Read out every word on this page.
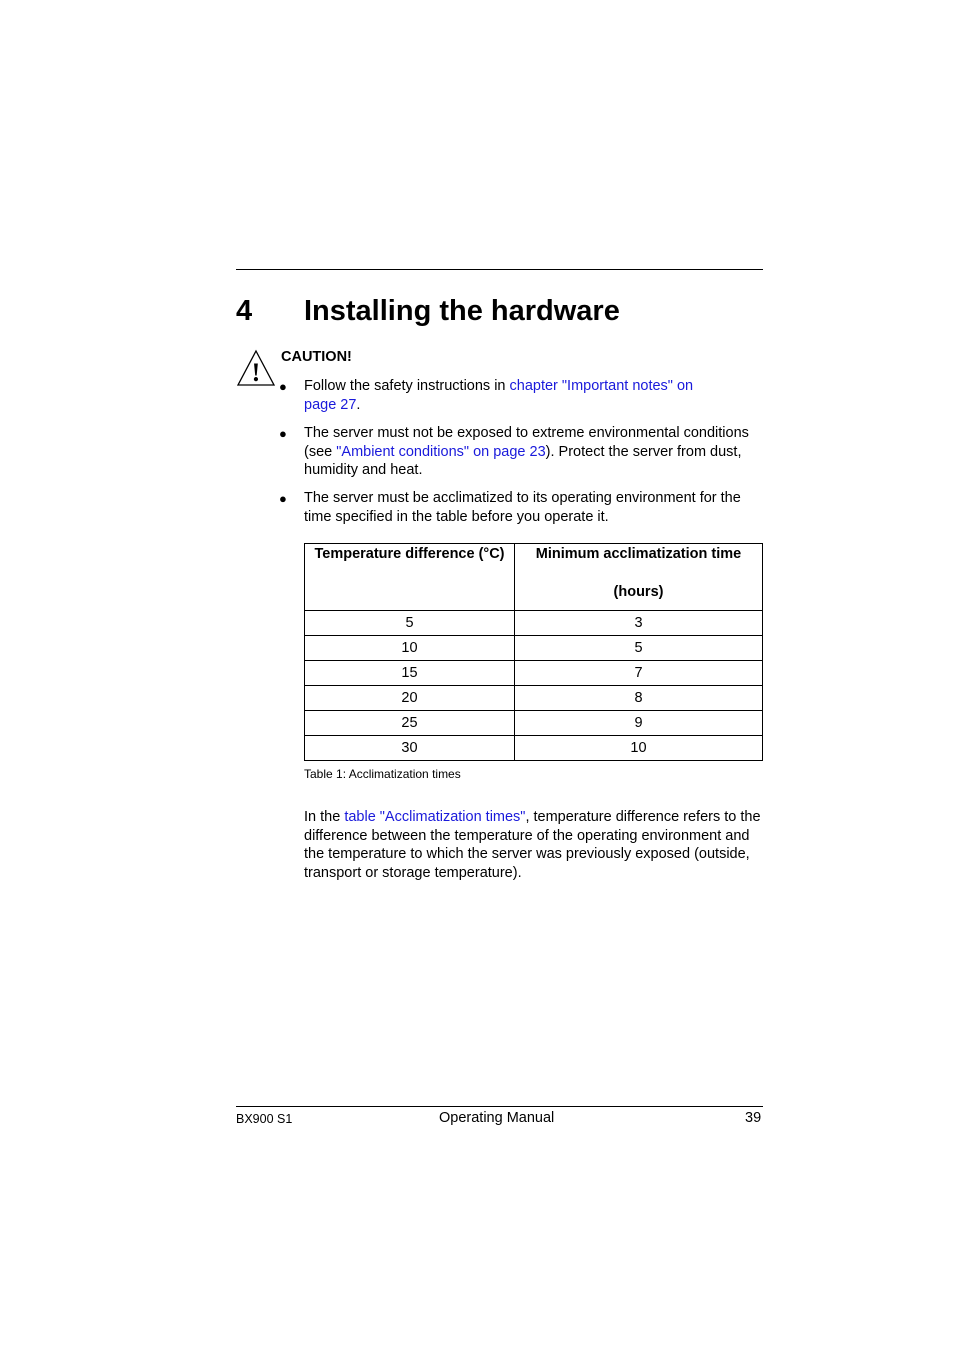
4 Installing the hardware
!
CAUTION!
● Follow the safety instructions in chapter "Important notes" on page 27.
● The server must not be exposed to extreme environmental conditions (see "Ambient conditions" on page 23). Protect the server from dust, humidity and heat.
● The server must be acclimatized to its operating environment for the time specified in the table before you operate it.
Temperature difference (°C)	Minimum acclimatization time
(hours)

5	3
10	5
15	7
20	8
25	9
30	10
Table 1: Acclimatization times
In the table "Acclimatization times", temperature difference refers to the difference between the temperature of the operating environment and the temperature to which the server was previously exposed (outside, transport or storage temperature).
BX900 S1	Operating Manual	39
